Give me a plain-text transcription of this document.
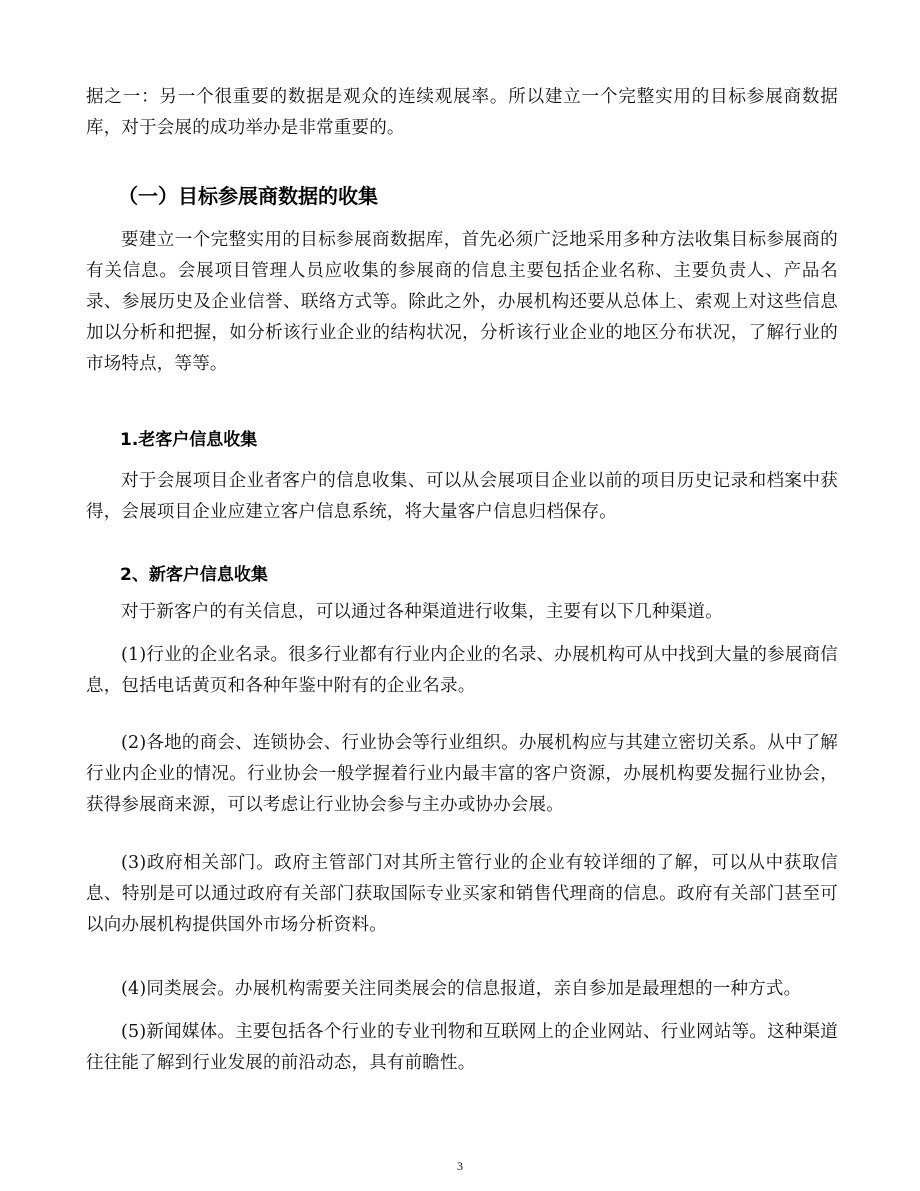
据之一：另一个很重要的数据是观众的连续观展率。所以建立一个完整实用的目标参展商数据库，对于会展的成功举办是非常重要的。

（一）目标参展商数据的收集

要建立一个完整实用的目标参展商数据库，首先必须广泛地采用多种方法收集目标参展商的有关信息。会展项目管理人员应收集的参展商的信息主要包括企业名称、主要负责人、产品名录、参展历史及企业信誉、联络方式等。除此之外，办展机构还要从总体上、索观上对这些信息加以分析和把握，如分析该行业企业的结构状况，分析该行业企业的地区分布状况，了解行业的市场特点，等等。

1.老客户信息收集

对于会展项目企业者客户的信息收集、可以从会展项目企业以前的项目历史记录和档案中获得，会展项目企业应建立客户信息系统，将大量客户信息归档保存。

2、新客户信息收集

对于新客户的有关信息，可以通过各种渠道进行收集，主要有以下几种渠道。

(1)行业的企业名录。很多行业都有行业内企业的名录、办展机构可从中找到大量的参展商信息，包括电话黄页和各种年鉴中附有的企业名录。

(2)各地的商会、连锁协会、行业协会等行业组织。办展机构应与其建立密切关系。从中了解行业内企业的情况。行业协会一般学握着行业内最丰富的客户资源，办展机构要发掘行业协会，获得参展商来源，可以考虑让行业协会参与主办或协办会展。

(3)政府相关部门。政府主管部门对其所主管行业的企业有较详细的了解，可以从中获取信息、特别是可以通过政府有关部门获取国际专业买家和销售代理商的信息。政府有关部门甚至可以向办展机构提供国外市场分析资料。

(4)同类展会。办展机构需要关注同类展会的信息报道，亲自参加是最理想的一种方式。

(5)新闻媒体。主要包括各个行业的专业刊物和互联网上的企业网站、行业网站等。这种渠道往往能了解到行业发展的前沿动态，具有前瞻性。

3
